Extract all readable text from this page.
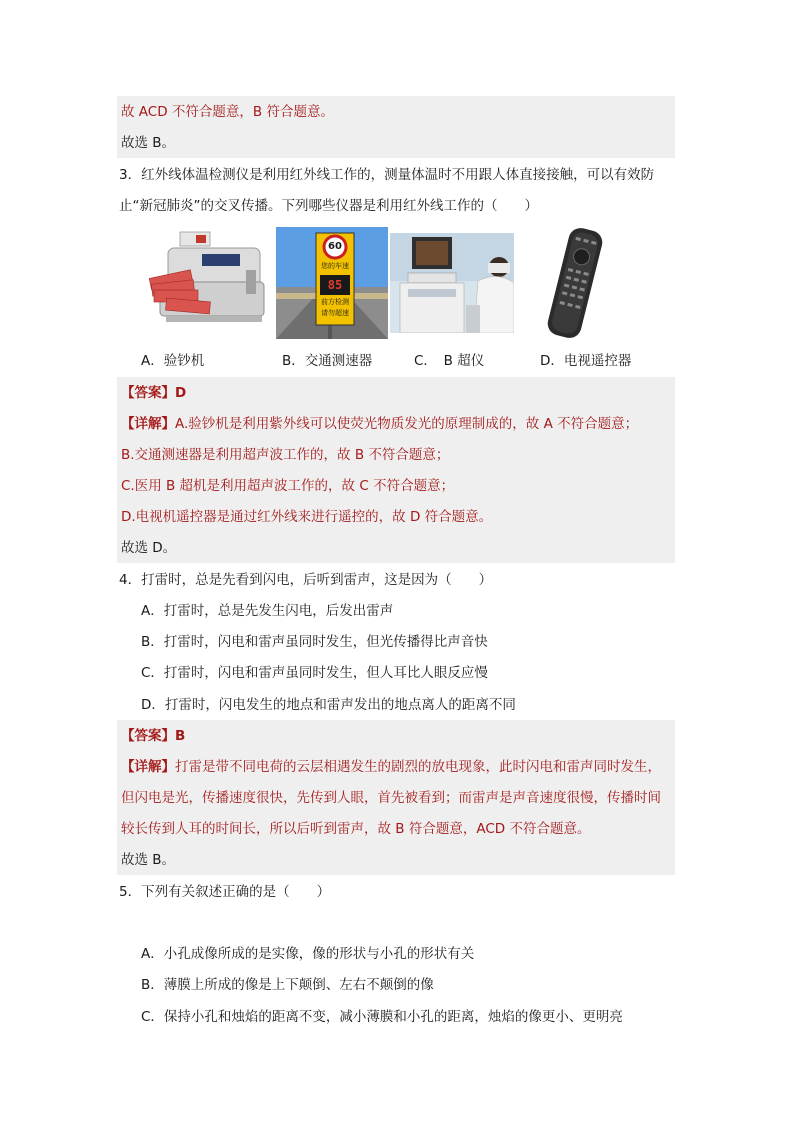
故 ACD 不符合题意，B 符合题意。
故选 B。
3．红外线体温检测仪是利用红外线工作的，测量体温时不用跟人体直接接触，可以有效防
止“新冠肺炎”的交叉传播。下列哪些仪器是利用红外线工作的（　　）
60
您的车速
85
前方检测
请勿超速
A．验钞机	B．交通测速器	C．　B 超仪	D．电视遥控器
【答案】D
【详解】A.验钞机是利用紫外线可以使荧光物质发光的原理制成的，故 A 不符合题意；
B.交通测速器是利用超声波工作的，故 B 不符合题意；
C.医用 B 超机是利用超声波工作的，故 C 不符合题意；
D.电视机遥控器是通过红外线来进行遥控的，故 D 符合题意。
故选 D。
4．打雷时，总是先看到闪电，后听到雷声，这是因为（　　）
A．打雷时，总是先发生闪电，后发出雷声
B．打雷时，闪电和雷声虽同时发生，但光传播得比声音快
C．打雷时，闪电和雷声虽同时发生，但人耳比人眼反应慢
D．打雷时，闪电发生的地点和雷声发出的地点离人的距离不同
【答案】B
【详解】打雷是带不同电荷的云层相遇发生的剧烈的放电现象，此时闪电和雷声同时发生，
但闪电是光，传播速度很快，先传到人眼，首先被看到；而雷声是声音速度很慢，传播时间
较长传到人耳的时间长，所以后听到雷声，故 B 符合题意，ACD 不符合题意。
故选 B。
5．下列有关叙述正确的是（　　）
A．小孔成像所成的是实像，像的形状与小孔的形状有关
B．薄膜上所成的像是上下颠倒、左右不颠倒的像
C．保持小孔和烛焰的距离不变，减小薄膜和小孔的距离，烛焰的像更小、更明亮
